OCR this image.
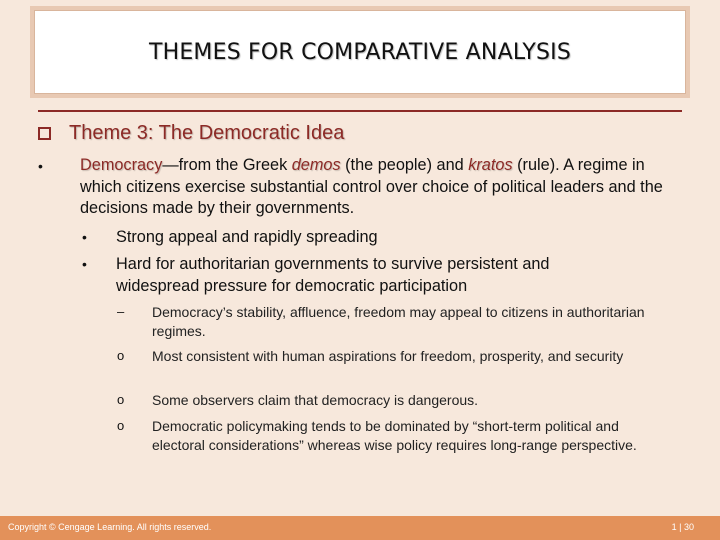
THEMES FOR COMPARATIVE ANALYSIS
Theme 3: The Democratic Idea
• Democracy—from the Greek demos (the people) and kratos (rule). A regime in which citizens exercise substantial control over choice of political leaders and the decisions made by their governments.
• Strong appeal and rapidly spreading
• Hard for authoritarian governments to survive persistent and widespread pressure for democratic participation
– Democracy’s stability, affluence, freedom may appeal to citizens in authoritarian regimes.
o Most consistent with human aspirations for freedom, prosperity, and security
o Some observers claim that democracy is dangerous.
o Democratic policymaking tends to be dominated by “short-term political and electoral considerations” whereas wise policy requires long-range perspective.
Copyright © Cengage Learning. All rights reserved.	1 | 30
